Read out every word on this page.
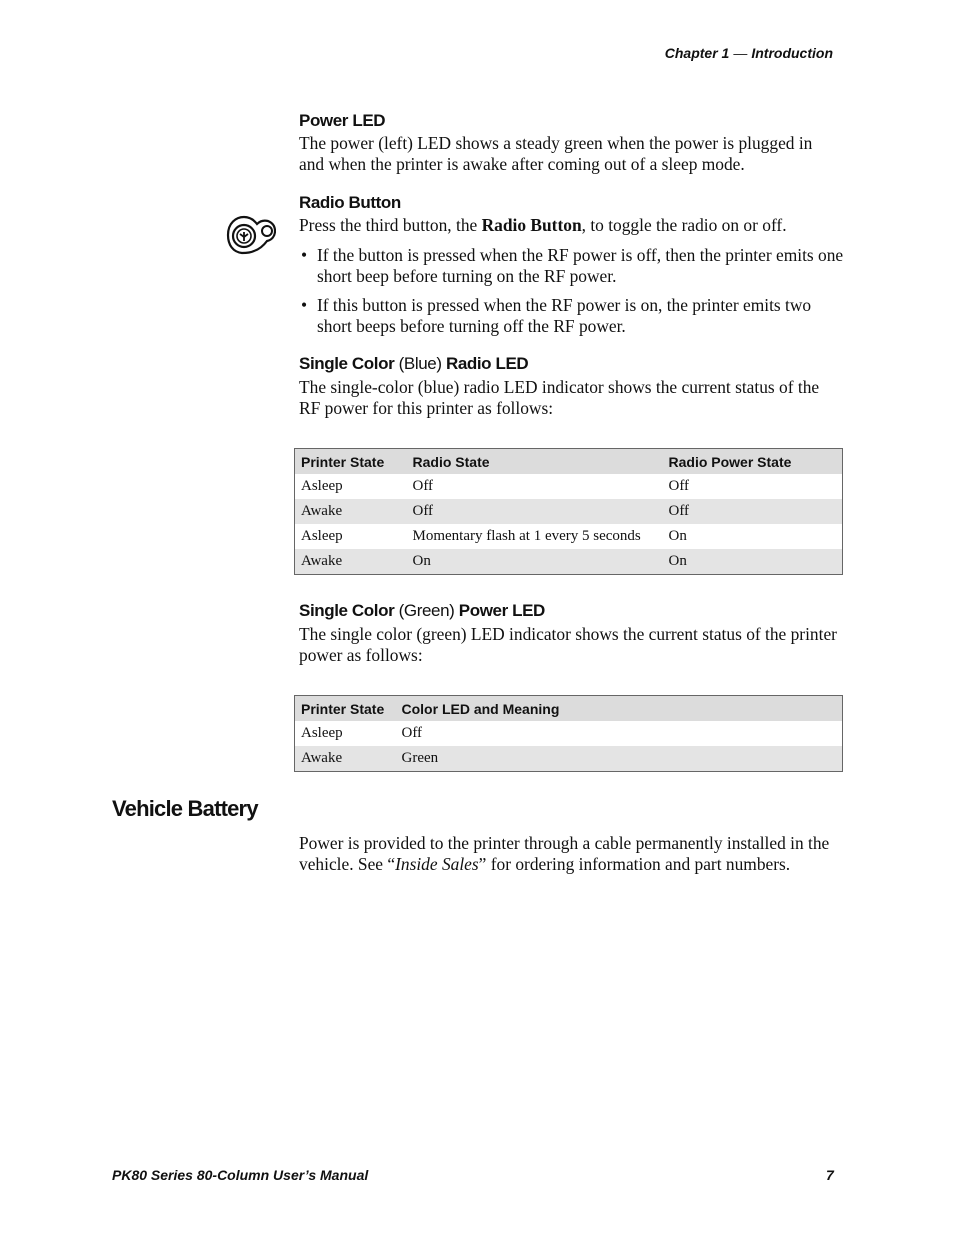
Chapter 1 — Introduction
Power LED
The power (left) LED shows a steady green when the power is plugged in and when the printer is awake after coming out of a sleep mode.
Radio Button
Press the third button, the Radio Button, to toggle the radio on or off.
• If the button is pressed when the RF power is off, then the printer emits one short beep before turning on the RF power.
• If this button is pressed when the RF power is on, the printer emits two short beeps before turning off the RF power.
Single Color (Blue) Radio LED
The single-color (blue) radio LED indicator shows the current status of the RF power for this printer as follows:
Printer State	Radio State	Radio Power State
Asleep	Off	Off
Awake	Off	Off
Asleep	Momentary flash at 1 every 5 seconds	On
Awake	On	On
Single Color (Green) Power LED
The single color (green) LED indicator shows the current status of the printer power as follows:
Printer State	Color LED and Meaning
Asleep	Off
Awake	Green
Vehicle Battery
Power is provided to the printer through a cable permanently installed in the vehicle. See “Inside Sales” for ordering information and part numbers.
PK80 Series 80-Column User’s Manual	7
